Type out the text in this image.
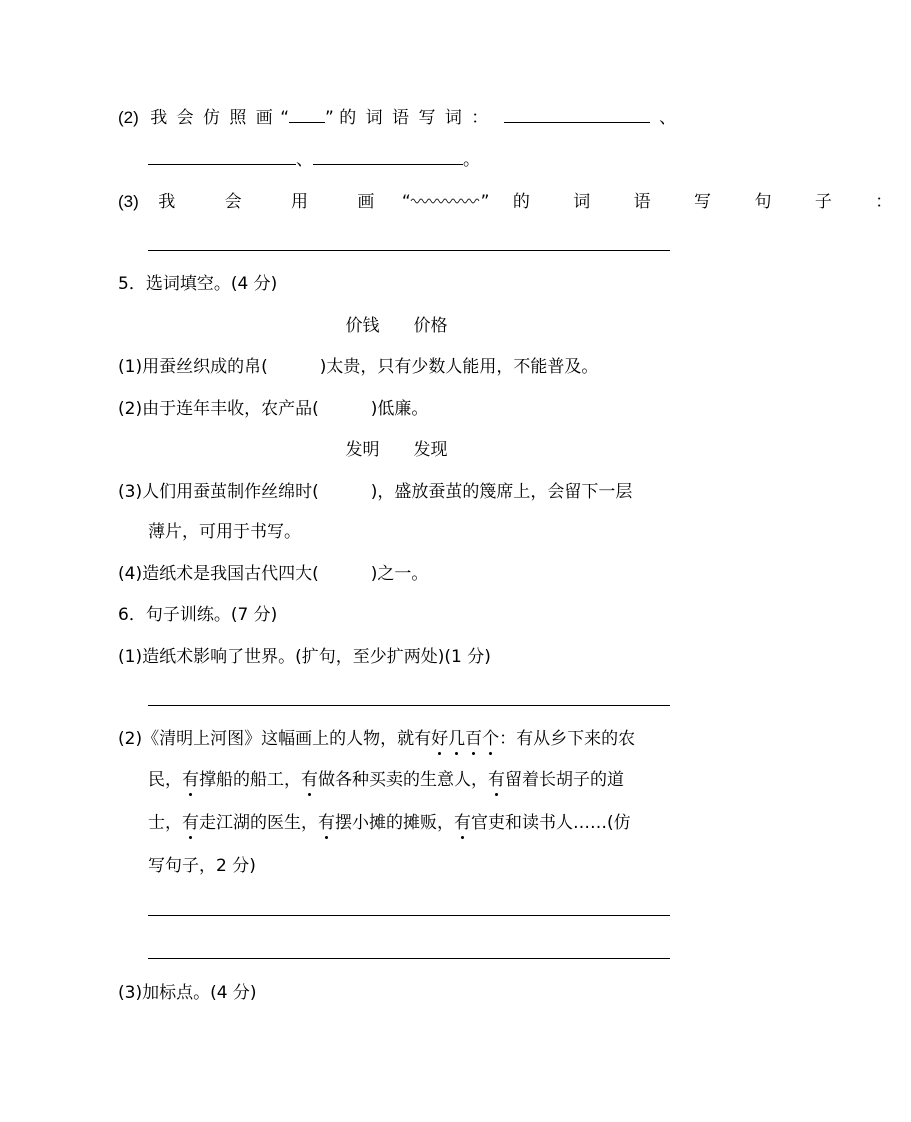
(2) 我 会 仿 照 画 “ ” 的 词 语 写 词 ：	、
、	。
(3) 我 会 用 画 “	” 的 词 语 写 句 子 ：
5．选词填空。(4 分)
价钱　　价格
(1)用蚕丝织成的帛(	)太贵，只有少数人能用，不能普及。
(2)由于连年丰收，农产品(	)低廉。
发明　　发现
(3)人们用蚕茧制作丝绵时(	)，盛放蚕茧的篾席上，会留下一层
薄片，可用于书写。
(4)造纸术是我国古代四大(	)之一。
6．句子训练。(7 分)
(1)造纸术影响了世界。(扩句，至少扩两处)(1 分)
(2)《清明上河图》这幅画上的人物，就有好几百个：有从乡下来的农
民，有撑船的船工，有做各种买卖的生意人，有留着长胡子的道
士，有走江湖的医生，有摆小摊的摊贩，有官吏和读书人……(仿
写句子，2 分)
(3)加标点。(4 分)
